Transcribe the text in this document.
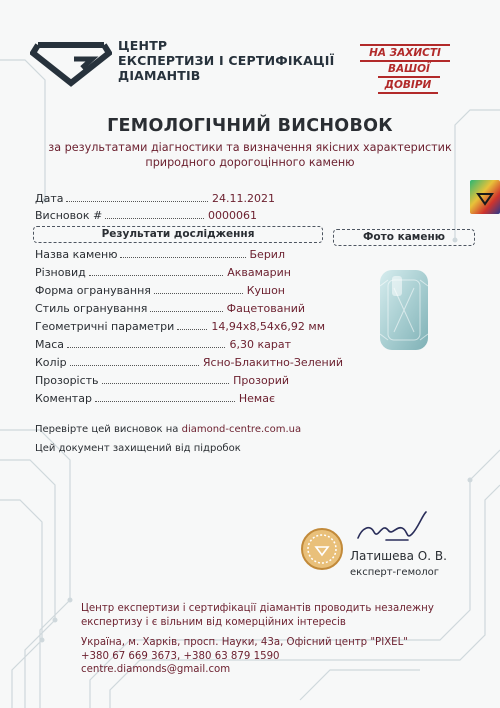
ЦЕНТР
ЕКСПЕРТИЗИ І СЕРТИФІКАЦІЇ
ДІАМАНТІВ
НА ЗАХИСТІ
ВАШОЇ
ДОВІРИ
ГЕМОЛОГІЧНИЙ ВИСНОВОК
за результатами діагностики та визначення якісних характеристик
природного дорогоцінного каменю
Дата	24.11.2021
Висновок #	0000061
Результати дослідження	Фото каменю
Назва каменю	Берил
Різновид	Аквамарин
Форма огранування	Кушон
Стиль огранування	Фацетований
Геометричні параметри	14,94x8,54x6,92 мм
Маса	6,30 карат
Колір	Ясно-Блакитно-Зелений
Прозорість	Прозорий
Коментар	Немає
Перевірте цей висновок на diamond-centre.com.ua
Цей документ захищений від підробок
Латишева О. В.
експерт-гемолог
Центр експертизи і сертифікації діамантів проводить незалежну
експертизу і є вільним від комерційних інтересів
Україна, м. Харків, просп. Науки, 43а, Офісний центр "PIXEL"
+380 67 669 3673, +380 63 879 1590
centre.diamonds@gmail.com
